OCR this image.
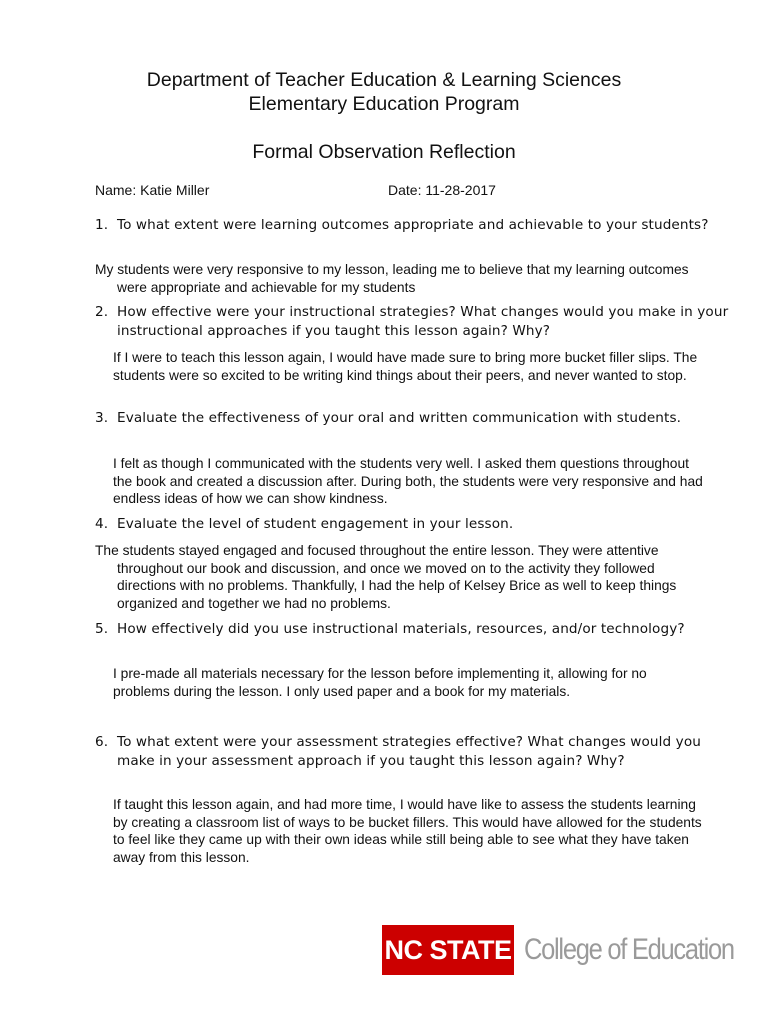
Department of Teacher Education & Learning Sciences
Elementary Education Program
Formal Observation Reflection
Name: Katie Miller	Date: 11-28-2017
1. To what extent were learning outcomes appropriate and achievable to your students?
My students were very responsive to my lesson, leading me to believe that my learning outcomes were appropriate and achievable for my students
2. How effective were your instructional strategies? What changes would you make in your instructional approaches if you taught this lesson again? Why?
If I were to teach this lesson again, I would have made sure to bring more bucket filler slips. The students were so excited to be writing kind things about their peers, and never wanted to stop.
3. Evaluate the effectiveness of your oral and written communication with students.
I felt as though I communicated with the students very well. I asked them questions throughout the book and created a discussion after. During both, the students were very responsive and had endless ideas of how we can show kindness.
4. Evaluate the level of student engagement in your lesson.
The students stayed engaged and focused throughout the entire lesson. They were attentive throughout our book and discussion, and once we moved on to the activity they followed directions with no problems. Thankfully, I had the help of Kelsey Brice as well to keep things organized and together we had no problems.
5. How effectively did you use instructional materials, resources, and/or technology?
I pre-made all materials necessary for the lesson before implementing it, allowing for no problems during the lesson. I only used paper and a book for my materials.
6. To what extent were your assessment strategies effective? What changes would you make in your assessment approach if you taught this lesson again? Why?
If taught this lesson again, and had more time, I would have like to assess the students learning by creating a classroom list of ways to be bucket fillers. This would have allowed for the students to feel like they came up with their own ideas while still being able to see what they have taken away from this lesson.
NC STATE College of Education
